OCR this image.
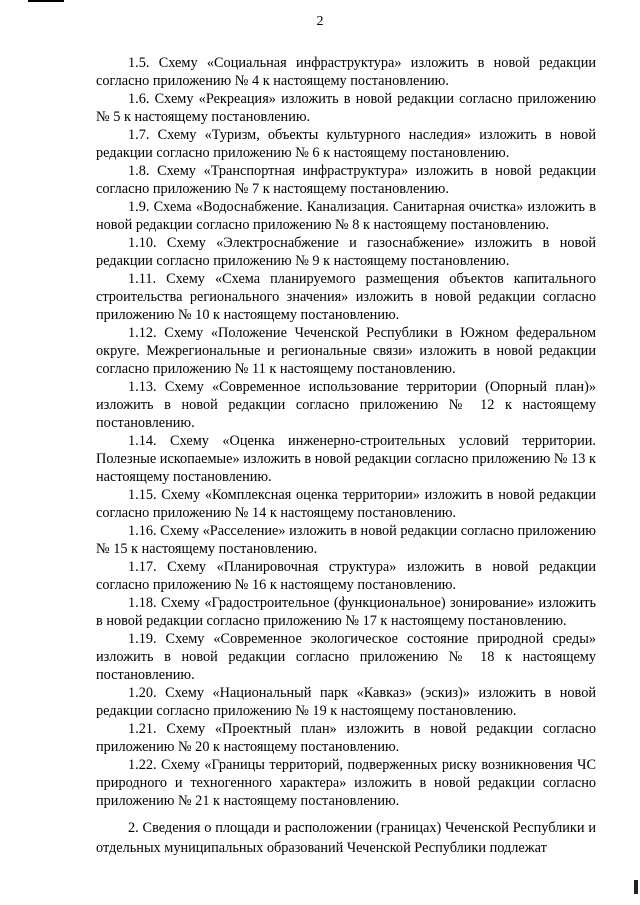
2

1.5. Схему «Социальная инфраструктура» изложить в новой редакции согласно приложению № 4 к настоящему постановлению.

1.6. Схему «Рекреация» изложить в новой редакции согласно приложению № 5 к настоящему постановлению.

1.7. Схему «Туризм, объекты культурного наследия» изложить в новой редакции согласно приложению № 6 к настоящему постановлению.

1.8. Схему «Транспортная инфраструктура» изложить в новой редакции согласно приложению № 7 к настоящему постановлению.

1.9. Схема «Водоснабжение. Канализация. Санитарная очистка» изложить в новой редакции согласно приложению № 8 к настоящему постановлению.

1.10. Схему «Электроснабжение и газоснабжение» изложить в новой редакции согласно приложению № 9 к настоящему постановлению.

1.11. Схему «Схема планируемого размещения объектов капитального строительства регионального значения» изложить в новой редакции согласно приложению № 10 к настоящему постановлению.

1.12. Схему «Положение Чеченской Республики в Южном федеральном округе. Межрегиональные и региональные связи» изложить в новой редакции согласно приложению № 11 к настоящему постановлению.

1.13. Схему «Современное использование территории (Опорный план)» изложить в новой редакции согласно приложению № 12 к настоящему постановлению.

1.14. Схему «Оценка инженерно-строительных условий территории. Полезные ископаемые» изложить в новой редакции согласно приложению № 13 к настоящему постановлению.

1.15. Схему «Комплексная оценка территории» изложить в новой редакции согласно приложению № 14 к настоящему постановлению.

1.16. Схему «Расселение» изложить в новой редакции согласно приложению № 15 к настоящему постановлению.

1.17. Схему «Планировочная структура» изложить в новой редакции согласно приложению № 16 к настоящему постановлению.

1.18. Схему «Градостроительное (функциональное) зонирование» изложить в новой редакции согласно приложению № 17 к настоящему постановлению.

1.19. Схему «Современное экологическое состояние природной среды» изложить в новой редакции согласно приложению № 18 к настоящему постановлению.

1.20. Схему «Национальный парк «Кавказ» (эскиз)» изложить в новой редакции согласно приложению № 19 к настоящему постановлению.

1.21. Схему «Проектный план» изложить в новой редакции согласно приложению № 20 к настоящему постановлению.

1.22. Схему «Границы территорий, подверженных риску возникновения ЧС природного и техногенного характера» изложить в новой редакции согласно приложению № 21 к настоящему постановлению.

2. Сведения о площади и расположении (границах) Чеченской Республики и отдельных муниципальных образований Чеченской Республики подлежат
